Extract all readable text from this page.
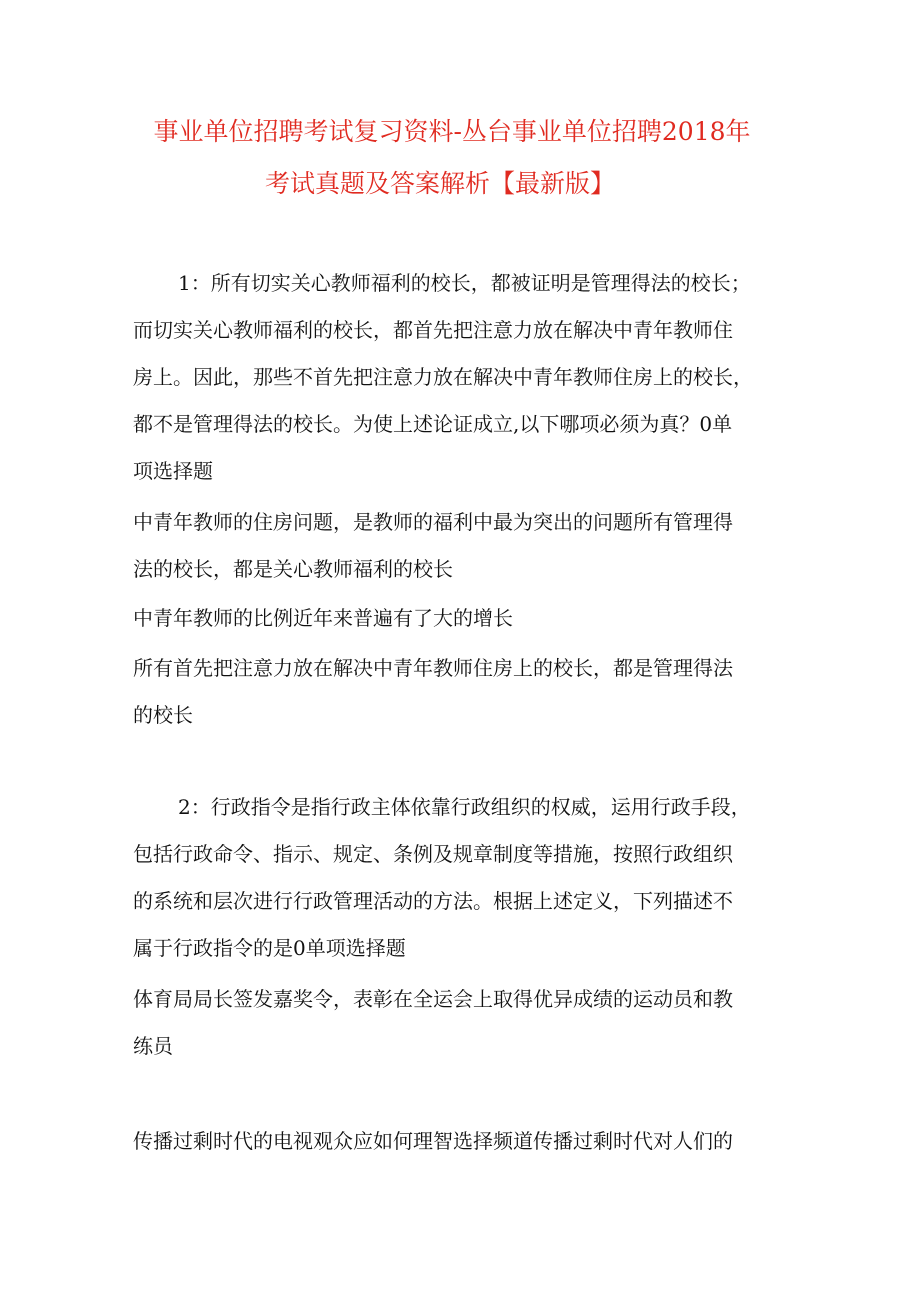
事业单位招聘考试复习资料-丛台事业单位招聘2018年
考试真题及答案解析【最新版】
1：所有切实关心教师福利的校长，都被证明是管理得法的校长；
而切实关心教师福利的校长，都首先把注意力放在解决中青年教师住
房上。因此，那些不首先把注意力放在解决中青年教师住房上的校长，
都不是管理得法的校长。为使上述论证成立,以下哪项必须为真？0单
项选择题
中青年教师的住房问题，是教师的福利中最为突出的问题所有管理得
法的校长，都是关心教师福利的校长
中青年教师的比例近年来普遍有了大的增长
所有首先把注意力放在解决中青年教师住房上的校长，都是管理得法
的校长
2：行政指令是指行政主体依靠行政组织的权威，运用行政手段，
包括行政命令、指示、规定、条例及规章制度等措施，按照行政组织
的系统和层次进行行政管理活动的方法。根据上述定义，下列描述不
属于行政指令的是0单项选择题
体育局局长签发嘉奖令，表彰在全运会上取得优异成绩的运动员和教
练员
传播过剩时代的电视观众应如何理智选择频道传播过剩时代对人们的
